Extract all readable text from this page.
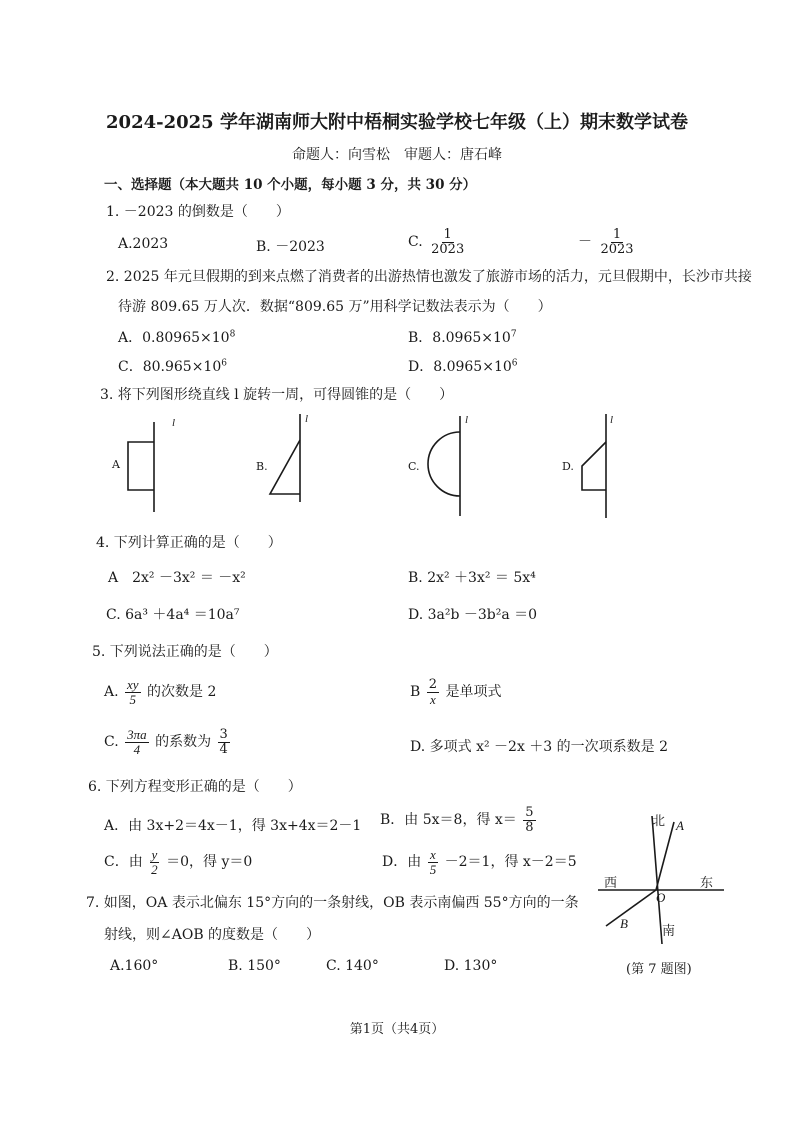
2024-2025 学年湖南师大附中梧桐实验学校七年级（上）期末数学试卷
命题人：向雪松　审题人：唐石峰
一、选择题（本大题共 10 个小题，每小题 3 分，共 30 分）
1. －2023 的倒数是（　　）
A.2023	B. －2023	C. $\frac{1}{2023}$	－ $\frac{1}{2023}$
2. 2025 年元旦假期的到来点燃了消费者的出游热情也激发了旅游市场的活力，元旦假期中，长沙市共接
待游 809.65 万人次．数据“809.65 万”用科学记数法表示为（　　）
A．$0.80965\times 10^8$	B．$8.0965\times 10^7$
C．$80.965\times 10^6$	D．$8.0965\times 10^6$
3. 将下列图形绕直线 l 旋转一周，可得圆锥的是（　　）
A
l
B.
l
C.
l
D.
l
4. 下列计算正确的是（　　）
A　2x² －3x² ＝ －x²	B. 2x² ＋3x² ＝ 5x⁴
C. 6a³ ＋4a⁴ ＝10a⁷	D. 3a²b －3b²a ＝0
5. 下列说法正确的是（　　）
A. $\frac{xy}{5}$ 的次数是 2	B $\frac{2}{x}$ 是单项式
C. $\frac{3\pi a}{4}$ 的系数为 $\frac{3}{4}$	D. 多项式 x² －2x ＋3 的一次项系数是 2
6. 下列方程变形正确的是（　　）
A．由 3x+2＝4x－1，得 3x+4x＝2－1 B．由 5x＝8，得 $x= \frac{5}{8}$
C．由 $\frac{y}{2} =0$，得 y＝0	D．由 $\frac{x}{5} -2=1$，得 x－2＝5
7. 如图，OA 表示北偏东 15°方向的一条射线，OB 表示南偏西 55°方向的一条
射线，则∠AOB 的度数是（　　）
A.160°	B. 150°	C. 140°	D. 130°
北 A
西	东
O
B
南
(第 7 题图)
第1页（共4页）
